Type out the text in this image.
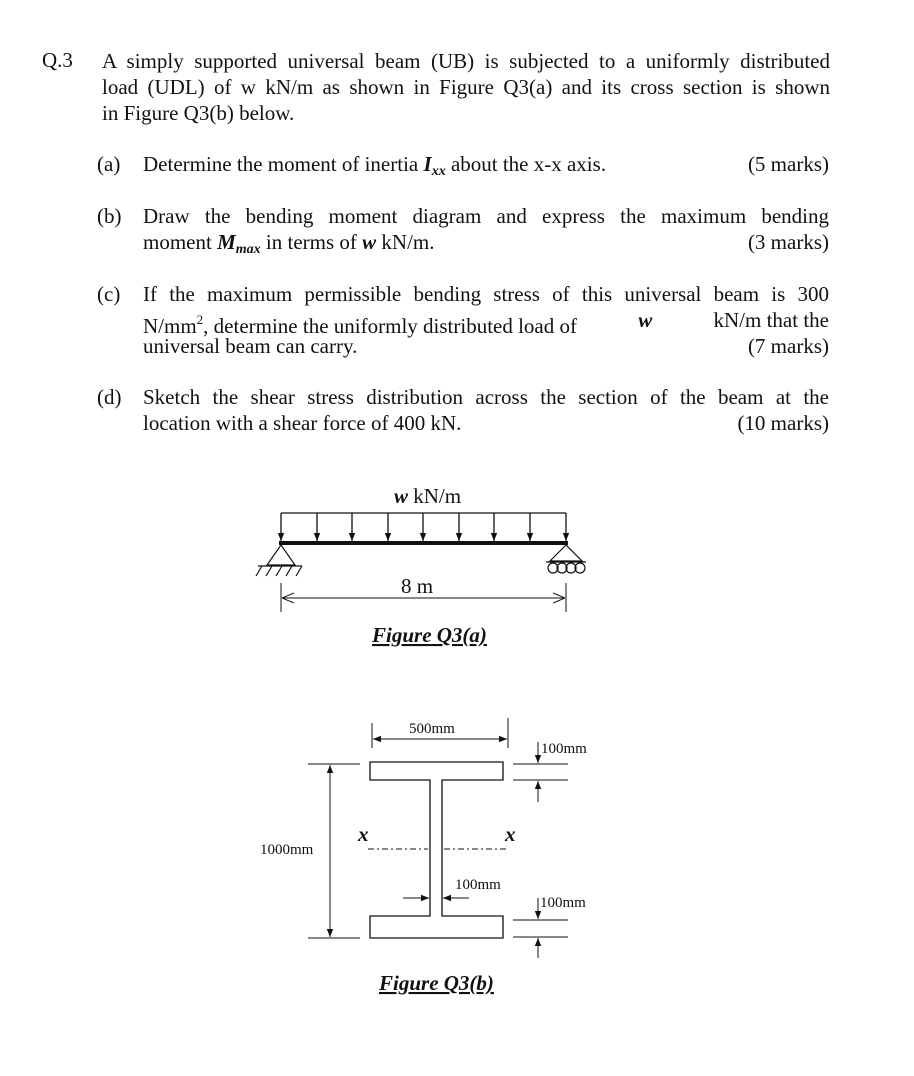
Q.3 A simply supported universal beam (UB) is subjected to a uniformly distributed
load (UDL) of w kN/m as shown in Figure Q3(a) and its cross section is shown
in Figure Q3(b) below.
(a) Determine the moment of inertia $I_{xx}$ about the x-x axis.	(5 marks)
(b) Draw the bending moment diagram and express the maximum bending
moment $M_{max}$ in terms of w kN/m.	(3 marks)
(c) If the maximum permissible bending stress of this universal beam is 300
$N/mm^2$, determine the uniformly distributed load of	w	kN/m that the
universal beam can carry.	(7 marks)
(d) Sketch the shear stress distribution across the section of the beam at the
location with a shear force of 400 kN.	(10 marks)
w kN/m
8 m
Figure Q3(a)
500mm
100mm
100mm
100mm
1000mm
x	x
Figure Q3(b)
